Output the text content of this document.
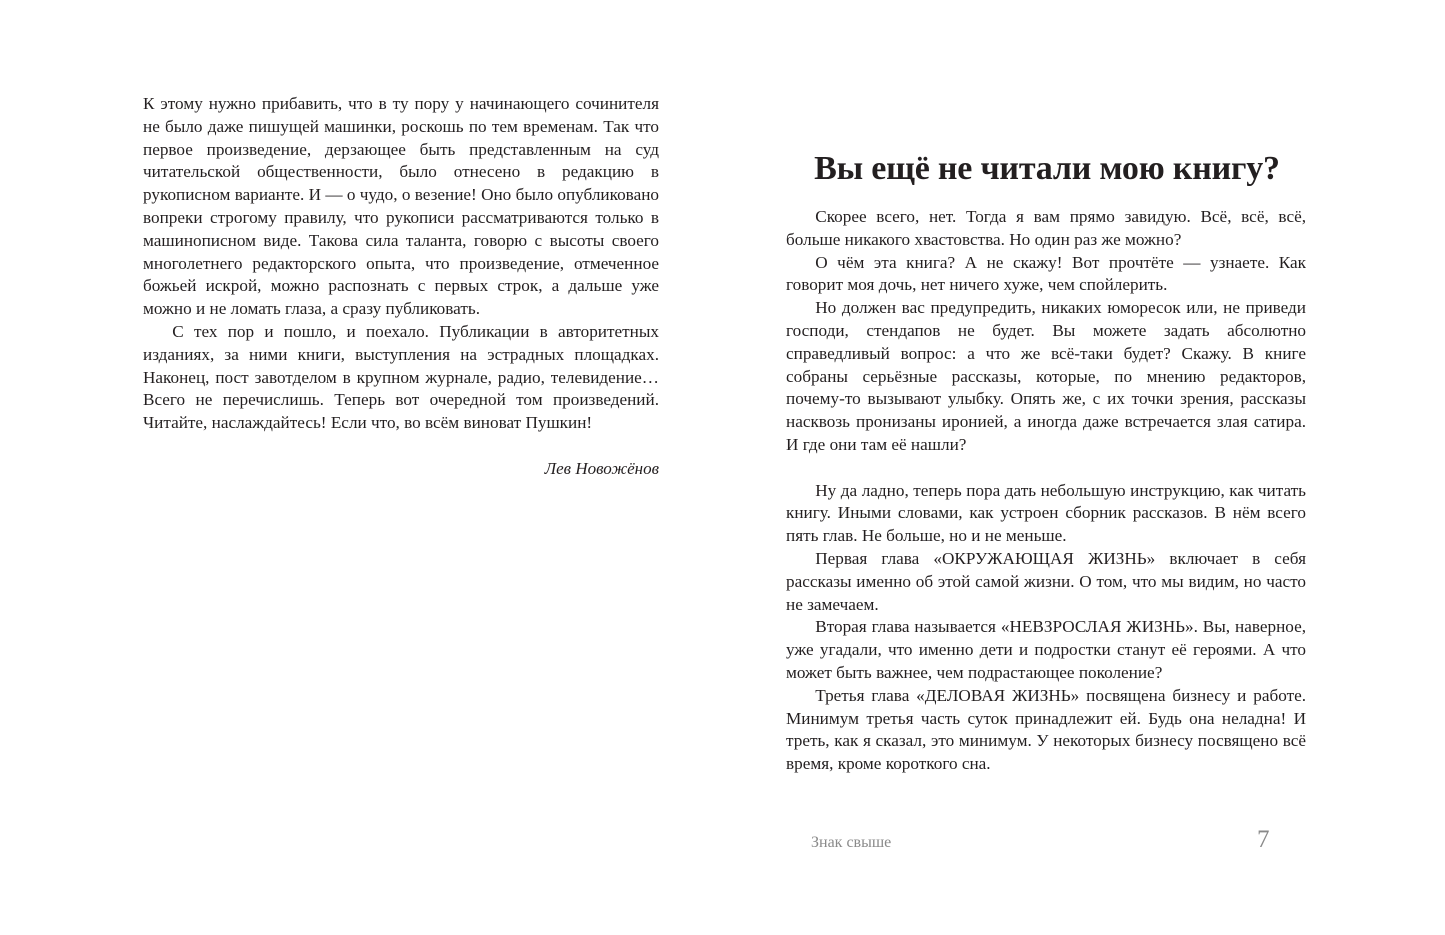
К этому нужно прибавить, что в ту пору у начинающего сочинителя не было даже пишущей машинки, роскошь по тем временам. Так что первое произведение, дерзающее быть представленным на суд читательской общественности, было отнесено в редакцию в рукописном варианте. И — о чудо, о везение! Оно было опубликовано вопреки строгому правилу, что рукописи рассматриваются только в машинописном виде. Такова сила таланта, говорю с высоты своего многолетнего редакторского опыта, что произведение, отмеченное божьей искрой, можно распознать с первых строк, а дальше уже можно и не ломать глаза, а сразу публиковать.

С тех пор и пошло, и поехало. Публикации в авторитетных изданиях, за ними книги, выступления на эстрадных площадках. Наконец, пост завотделом в крупном журнале, радио, телевидение… Всего не перечислишь. Теперь вот очередной том произведений. Читайте, наслаждайтесь! Если что, во всём виноват Пушкин!

Лев Новожёнов
Вы ещё не читали мою книгу?

Скорее всего, нет. Тогда я вам прямо завидую. Всё, всё, всё, больше никакого хвастовства. Но один раз же можно?

О чём эта книга? А не скажу! Вот прочтёте — узнаете. Как говорит моя дочь, нет ничего хуже, чем спойлерить.

Но должен вас предупредить, никаких юморесок или, не приведи господи, стендапов не будет. Вы можете задать абсолютно справедливый вопрос: а что же всё-таки будет? Скажу. В книге собраны серьёзные рассказы, которые, по мнению редакторов, почему-то вызывают улыбку. Опять же, с их точки зрения, рассказы насквозь пронизаны иронией, а иногда даже встречается злая сатира. И где они там её нашли?

Ну да ладно, теперь пора дать небольшую инструкцию, как читать книгу. Иными словами, как устроен сборник рассказов. В нём всего пять глав. Не больше, но и не меньше.

Первая глава «ОКРУЖАЮЩАЯ ЖИЗНЬ» включает в себя рассказы именно об этой самой жизни. О том, что мы видим, но часто не замечаем.

Вторая глава называется «НЕВЗРОСЛАЯ ЖИЗНЬ». Вы, наверное, уже угадали, что именно дети и подростки станут её героями. А что может быть важнее, чем подрастающее поколение?

Третья глава «ДЕЛОВАЯ ЖИЗНЬ» посвящена бизнесу и работе. Минимум третья часть суток принадлежит ей. Будь она неладна! И треть, как я сказал, это минимум. У некоторых бизнесу посвящено всё время, кроме короткого сна.

Знак свыше	7
